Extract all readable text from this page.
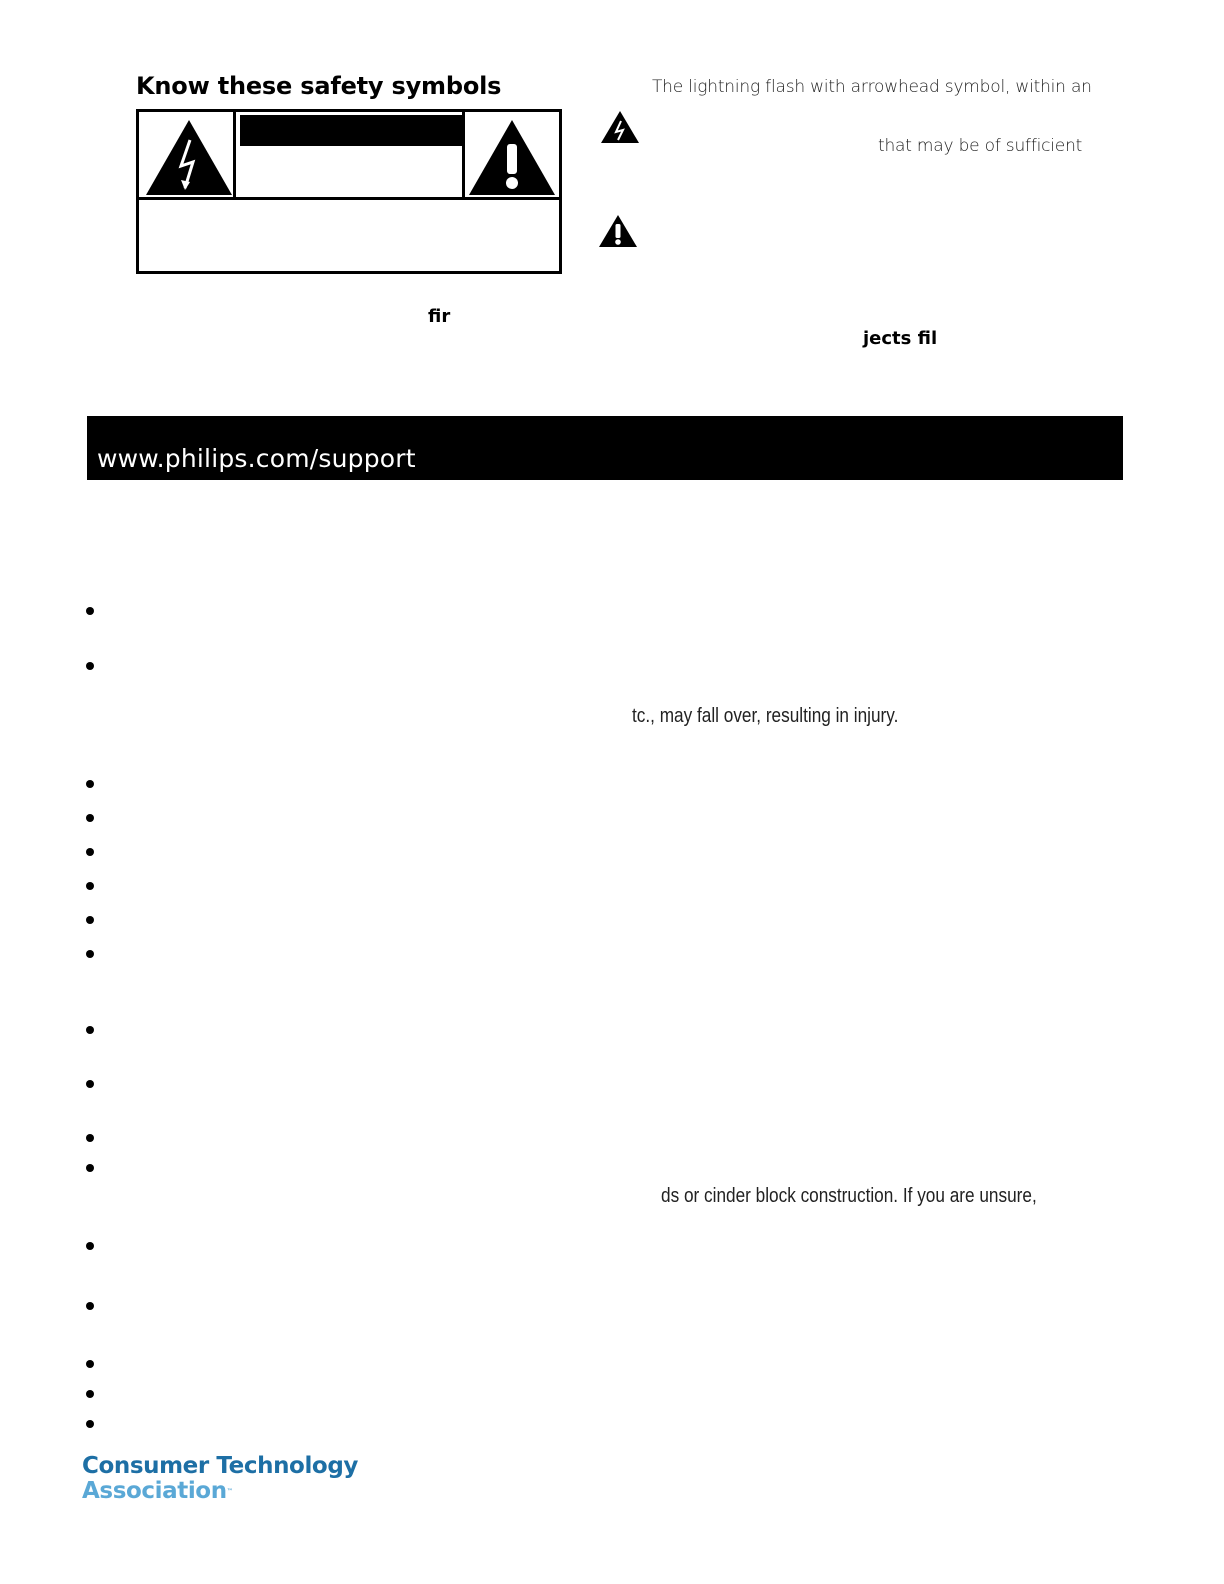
Know these safety symbols	The lightning flash with arrowhead symbol, within an
that may be of sufficient
fir
jects fil
www.philips.com/support
tc., may fall over, resulting in injury.
ds or cinder block construction. If you are unsure,
Consumer Technology
Association™
